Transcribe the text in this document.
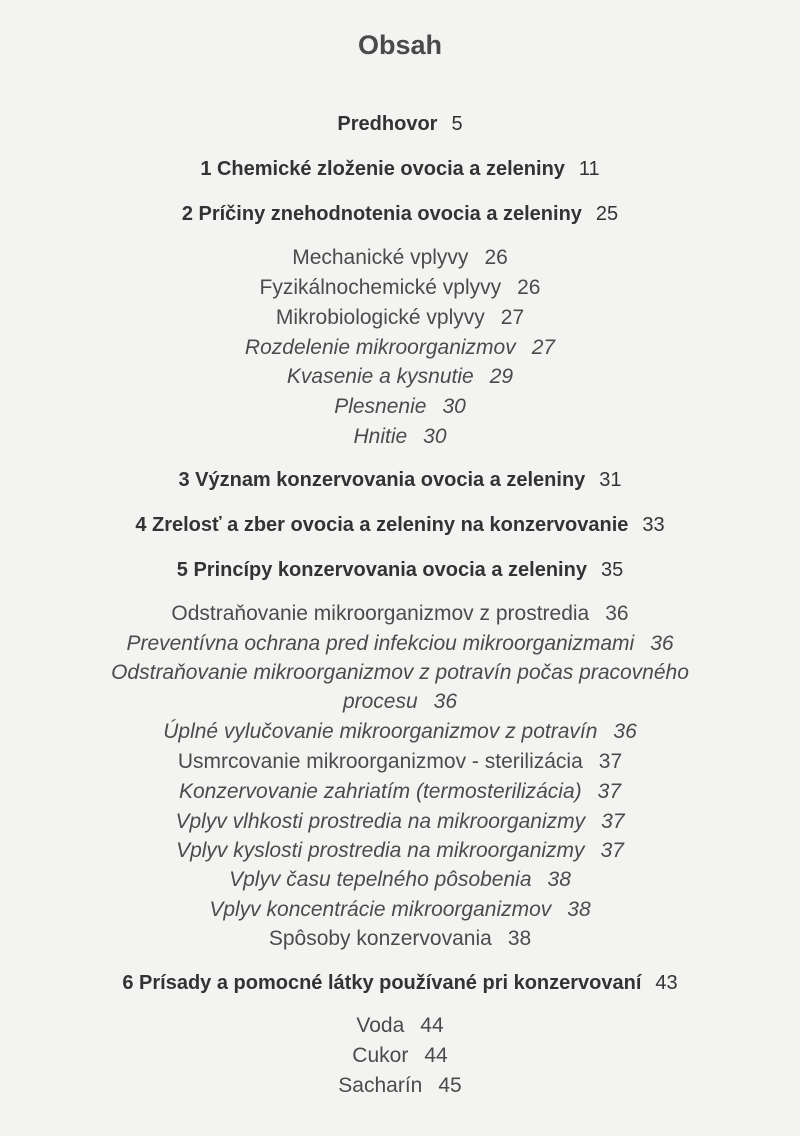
Obsah
Predhovor 5
1 Chemické zloženie ovocia a zeleniny 11
2 Príčiny znehodnotenia ovocia a zeleniny 25
Mechanické vplyvy 26
Fyzikálnochemické vplyvy 26
Mikrobiologické vplyvy 27
Rozdelenie mikroorganizmov 27
Kvasenie a kysnutie 29
Plesnenie 30
Hnitie 30
3 Význam konzervovania ovocia a zeleniny 31
4 Zrelosť a zber ovocia a zeleniny na konzervovanie 33
5 Princípy konzervovania ovocia a zeleniny 35
Odstraňovanie mikroorganizmov z prostredia 36
Preventívna ochrana pred infekciou mikroorganizmami 36
Odstraňovanie mikroorganizmov z potravín počas pracovného
procesu 36
Úplné vylučovanie mikroorganizmov z potravín 36
Usmrcovanie mikroorganizmov - sterilizácia 37
Konzervovanie zahriatím (termosterilizácia) 37
Vplyv vlhkosti prostredia na mikroorganizmy 37
Vplyv kyslosti prostredia na mikroorganizmy 37
Vplyv času tepelného pôsobenia 38
Vplyv koncentrácie mikroorganizmov 38
Spôsoby konzervovania 38
6 Prísady a pomocné látky používané pri konzervovaní 43
Voda 44
Cukor 44
Sacharín 45
